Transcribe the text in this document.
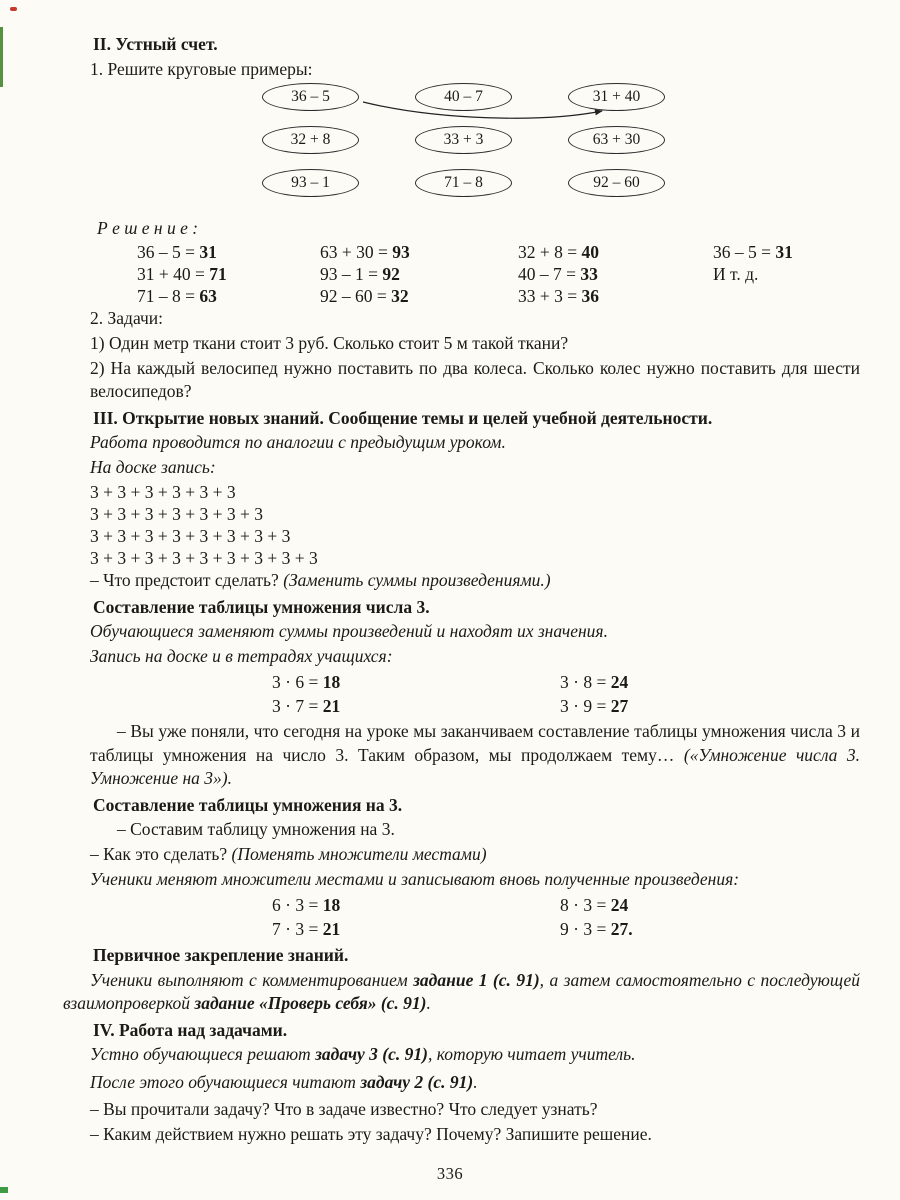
II. Устный счет.

1. Решите круговые примеры:

36 – 5	40 – 7	31 + 40
32 + 8	33 + 3	63 + 30
93 – 1	71 – 8	92 – 60

Р е ш е н и е :

36 – 5 = 31	63 + 30 = 93	32 + 8 = 40	36 – 5 = 31
31 + 40 = 71	93 – 1 = 92	40 – 7 = 33	И т. д.
71 – 8 = 63	92 – 60 = 32	33 + 3 = 36

2. Задачи:

1) Один метр ткани стоит 3 руб. Сколько стоит 5 м такой ткани?

2) На каждый велосипед нужно поставить по два колеса. Сколько колес нужно поставить для шести велосипедов?

III. Открытие новых знаний. Сообщение темы и целей учебной деятельности.

Работа проводится по аналогии с предыдущим уроком.

На доске запись:

3 + 3 + 3 + 3 + 3 + 3

3 + 3 + 3 + 3 + 3 + 3 + 3

3 + 3 + 3 + 3 + 3 + 3 + 3 + 3

3 + 3 + 3 + 3 + 3 + 3 + 3 + 3 + 3

– Что предстоит сделать? (Заменить суммы произведениями.)

Составление таблицы умножения числа 3.

Обучающиеся заменяют суммы произведений и находят их значения.

Запись на доске и в тетрадях учащихся:

3 · 6 = 18	3 · 8 = 24
3 · 7 = 21	3 · 9 = 27

– Вы уже поняли, что сегодня на уроке мы заканчиваем составление таблицы умножения числа 3 и таблицы умножения на число 3. Таким образом, мы продолжаем тему… («Умножение числа 3. Умножение на 3»).

Составление таблицы умножения на 3.

– Составим таблицу умножения на 3.

– Как это сделать? (Поменять множители местами)

Ученики меняют множители местами и записывают вновь полученные произведения:

6 · 3 = 18	8 · 3 = 24
7 · 3 = 21	9 · 3 = 27.

Первичное закрепление знаний.

Ученики выполняют с комментированием задание 1 (с. 91), а затем самостоятельно с последующей взаимопроверкой задание «Проверь себя» (с. 91).

IV. Работа над задачами.

Устно обучающиеся решают задачу 3 (с. 91), которую читает учитель.

После этого обучающиеся читают задачу 2 (с. 91).

– Вы прочитали задачу? Что в задаче известно? Что следует узнать?

– Каким действием нужно решать эту задачу? Почему? Запишите решение.

336
